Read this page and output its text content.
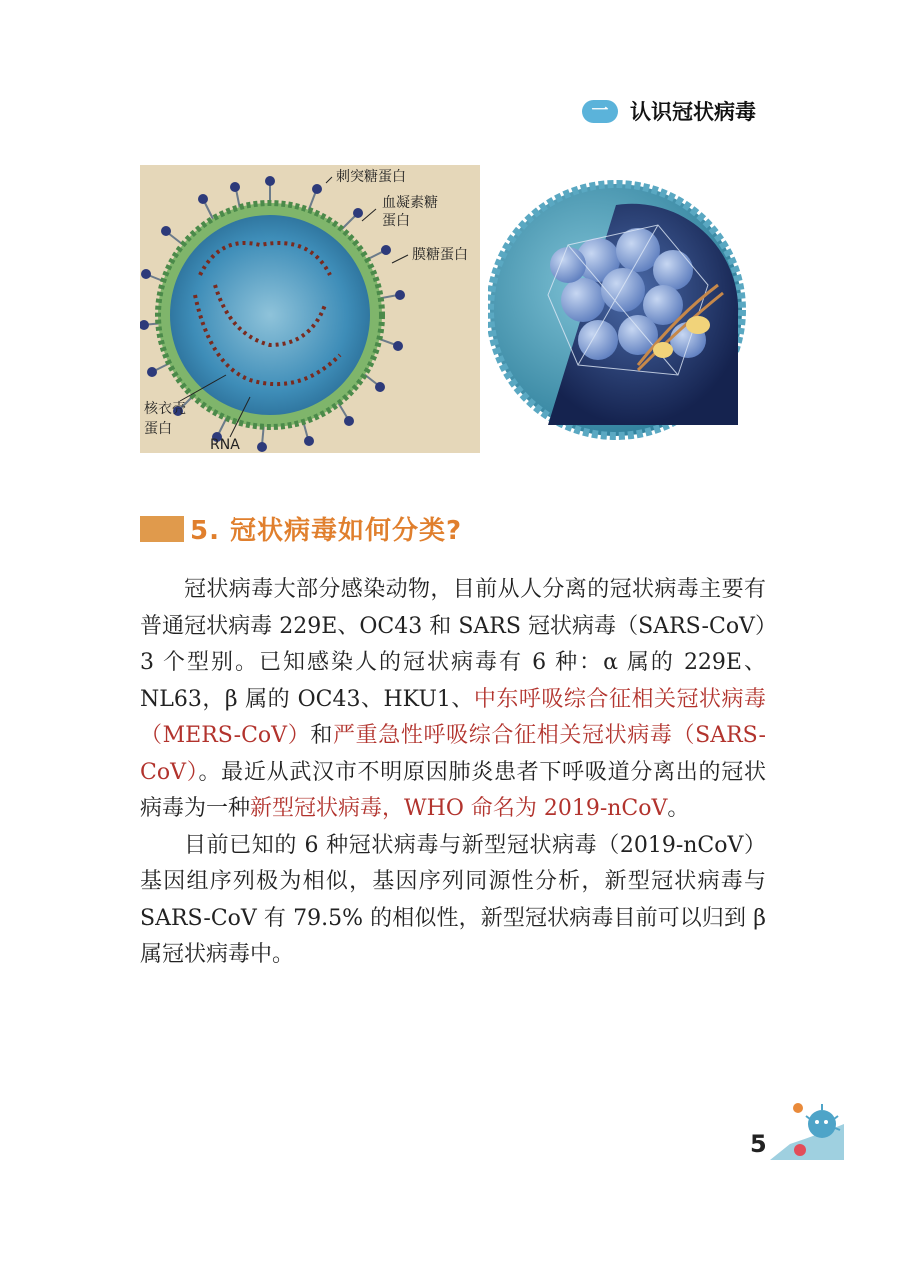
一 认识冠状病毒
刺突糖蛋白
血凝素糖
蛋白
膜糖蛋白
核衣壳
蛋白
RNA
5. 冠状病毒如何分类?

冠状病毒大部分感染动物，目前从人分离的冠状病毒主要有普通冠状病毒 229E、OC43 和 SARS 冠状病毒（SARS-CoV）3 个型别。已知感染人的冠状病毒有 6 种：α 属的 229E、NL63，β 属的 OC43、HKU1、中东呼吸综合征相关冠状病毒（MERS-CoV）和严重急性呼吸综合征相关冠状病毒（SARS-CoV）。最近从武汉市不明原因肺炎患者下呼吸道分离出的冠状病毒为一种新型冠状病毒，WHO 命名为 2019-nCoV。

目前已知的 6 种冠状病毒与新型冠状病毒（2019-nCoV）基因组序列极为相似，基因序列同源性分析，新型冠状病毒与 SARS-CoV 有 79.5% 的相似性，新型冠状病毒目前可以归到 β 属冠状病毒中。

5
